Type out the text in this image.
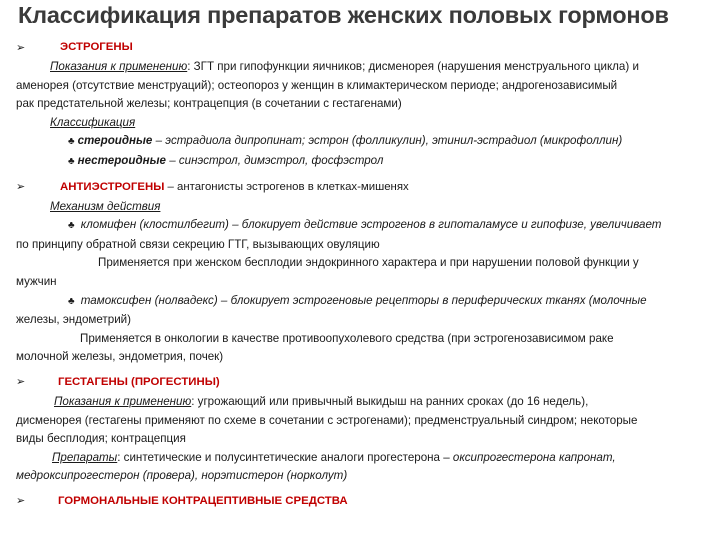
Классификация препаратов женских половых гормонов
➢	ЭСТРОГЕНЫ

Показания к применению: ЗГТ при гипофункции яичников; дисменорея (нарушения менструального цикла) и

аменорея (отсутствие менструаций); остеопороз у женщин в климактерическом периоде; андрогенозависимый

рак предстательной железы; контрацепция (в сочетании с гестагенами)

Классификация

♣ стероидные – эстрадиола дипропинат; эстрон (фолликулин), этинил-эстрадиол (микрофоллин)

♣ нестероидные – синэстрол, димэстрол, фосфэстрол

➢	АНТИЭСТРОГЕНЫ – антагонисты эстрогенов в клетках-мишенях

Механизм действия

♣ кломифен (клостилбегит) – блокирует действие эстрогенов в гипоталамусе и гипофизе, увеличивает

по принципу обратной связи секрецию ГТГ, вызывающих овуляцию

Применяется при женском бесплодии эндокринного характера и при нарушении половой функции у

мужчин

♣ тамоксифен (нолвадекс) – блокирует эстрогеновые рецепторы в периферических тканях (молочные

железы, эндометрий)

Применяется в онкологии в качестве противоопухолевого средства (при эстрогенозависимом раке

молочной железы, эндометрия, почек)

➢	ГЕСТАГЕНЫ (ПРОГЕСТИНЫ)

Показания к применению: угрожающий или привычный выкидыш на ранних сроках (до 16 недель),

дисменорея (гестагены применяют по схеме в сочетании с эстрогенами); предменструальный синдром; некоторые

виды бесплодия; контрацепция

Препараты: синтетические и полусинтетические аналоги прогестерона – оксипрогестерона капронат,

медроксипрогестерон (провера), норэтистерон (норколут)

➢	ГОРМОНАЛЬНЫЕ КОНТРАЦЕПТИВНЫЕ СРЕДСТВА
